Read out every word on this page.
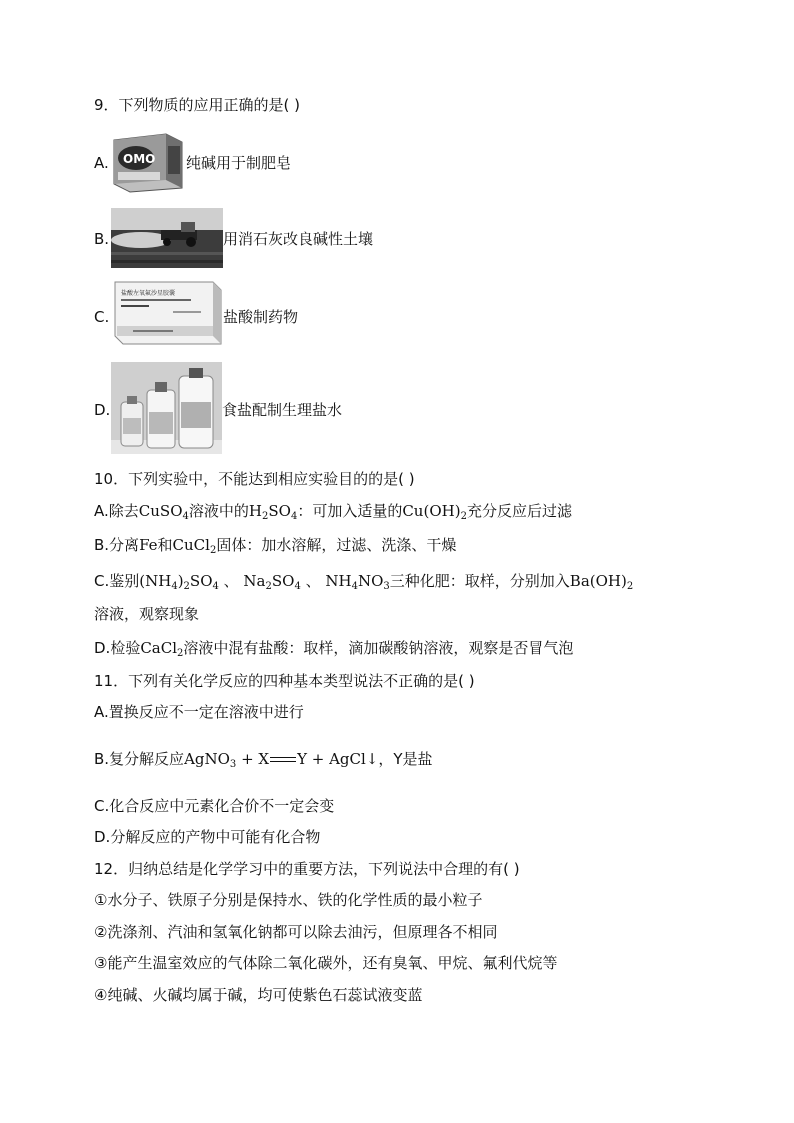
9．下列物质的应用正确的是( )
A. OMO 纯碱用于制肥皂
B.	用消石灰改良碱性土壤
C.
盐酸左氧氟沙星胶囊
盐酸制药物
D.	食盐配制生理盐水
10．下列实验中，不能达到相应实验目的的是( )
A.除去CuSO$_4$溶液中的$H_2SO_4$：可加入适量的$Cu(OH)_2$充分反应后过滤
B.分离Fe和CuCl$_2$固体：加水溶解，过滤、洗涤、干燥
C.鉴别$(NH_4)_2SO_4$ 、 $Na_2SO_4$ 、 $NH_4NO_3$三种化肥：取样，分别加入$Ba(OH)_2$
溶液，观察现象
D.检验CaCl$_2$溶液中混有盐酸：取样，滴加碳酸钠溶液，观察是否冒气泡
11．下列有关化学反应的四种基本类型说法不正确的是( )
A.置换反应不一定在溶液中进行
B.复分解反应AgNO$_3$ + X Y + AgCl↓，Y是盐
C.化合反应中元素化合价不一定会变
D.分解反应的产物中可能有化合物
12．归纳总结是化学学习中的重要方法，下列说法中合理的有( )
①水分子、铁原子分别是保持水、铁的化学性质的最小粒子
②洗涤剂、汽油和氢氧化钠都可以除去油污，但原理各不相同
③能产生温室效应的气体除二氧化碳外，还有臭氧、甲烷、氟利代烷等
④纯碱、火碱均属于碱，均可使紫色石蕊试液变蓝
